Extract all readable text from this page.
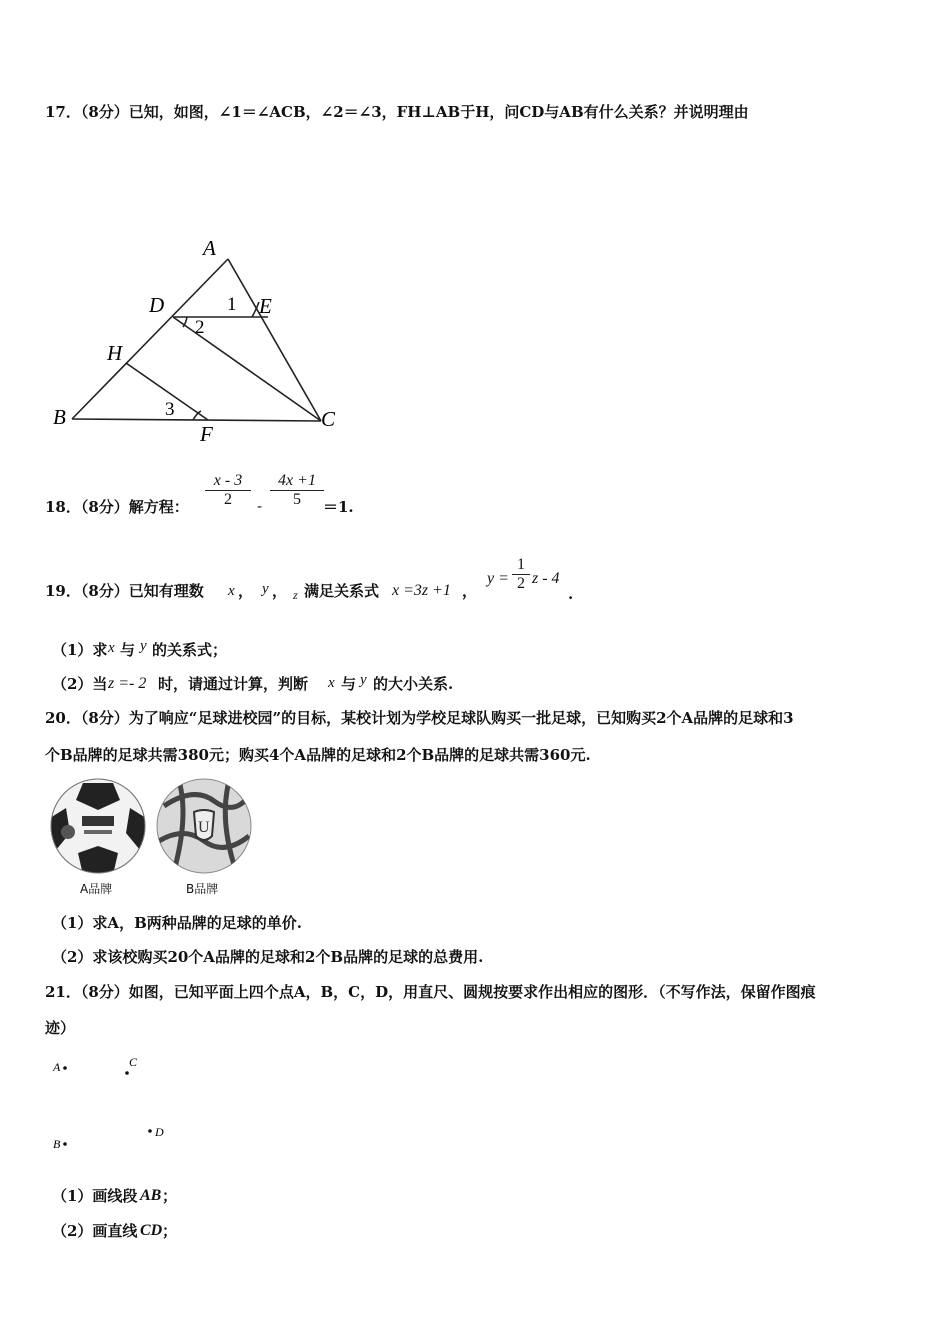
17．（8分）已知，如图，∠1＝∠ACB，∠2＝∠3，FH⊥AB于H，问CD与AB有什么关系？并说明理由
A
D	E
H
B	C
F
1
2
3
18．（8分）解方程：
x - 3
2	-
4x +1
5	＝1.
19．（8分）已知有理数 x ， y ， z 满足关系式 x =3z +1 ，
y =
1
2 z - 4
.
（1）求 x 与 y 的关系式；
（2）当 z =- 2 时，请通过计算，判断 x 与 y 的大小关系.
20．（8分）为了响应“足球进校园”的目标，某校计划为学校足球队购买一批足球，已知购买2个A品牌的足球和3
个B品牌的足球共需380元；购买4个A品牌的足球和2个B品牌的足球共需360元.
U
A品牌	B品牌
（1）求A，B两种品牌的足球的单价.
（2）求该校购买20个A品牌的足球和2个B品牌的足球的总费用.
21．（8分）如图，已知平面上四个点A，B，C，D，用直尺、圆规按要求作出相应的图形．（不写作法，保留作图痕
迹）
A	C
D
B
（1）画线段 AB ；
（2）画直线 CD ；
